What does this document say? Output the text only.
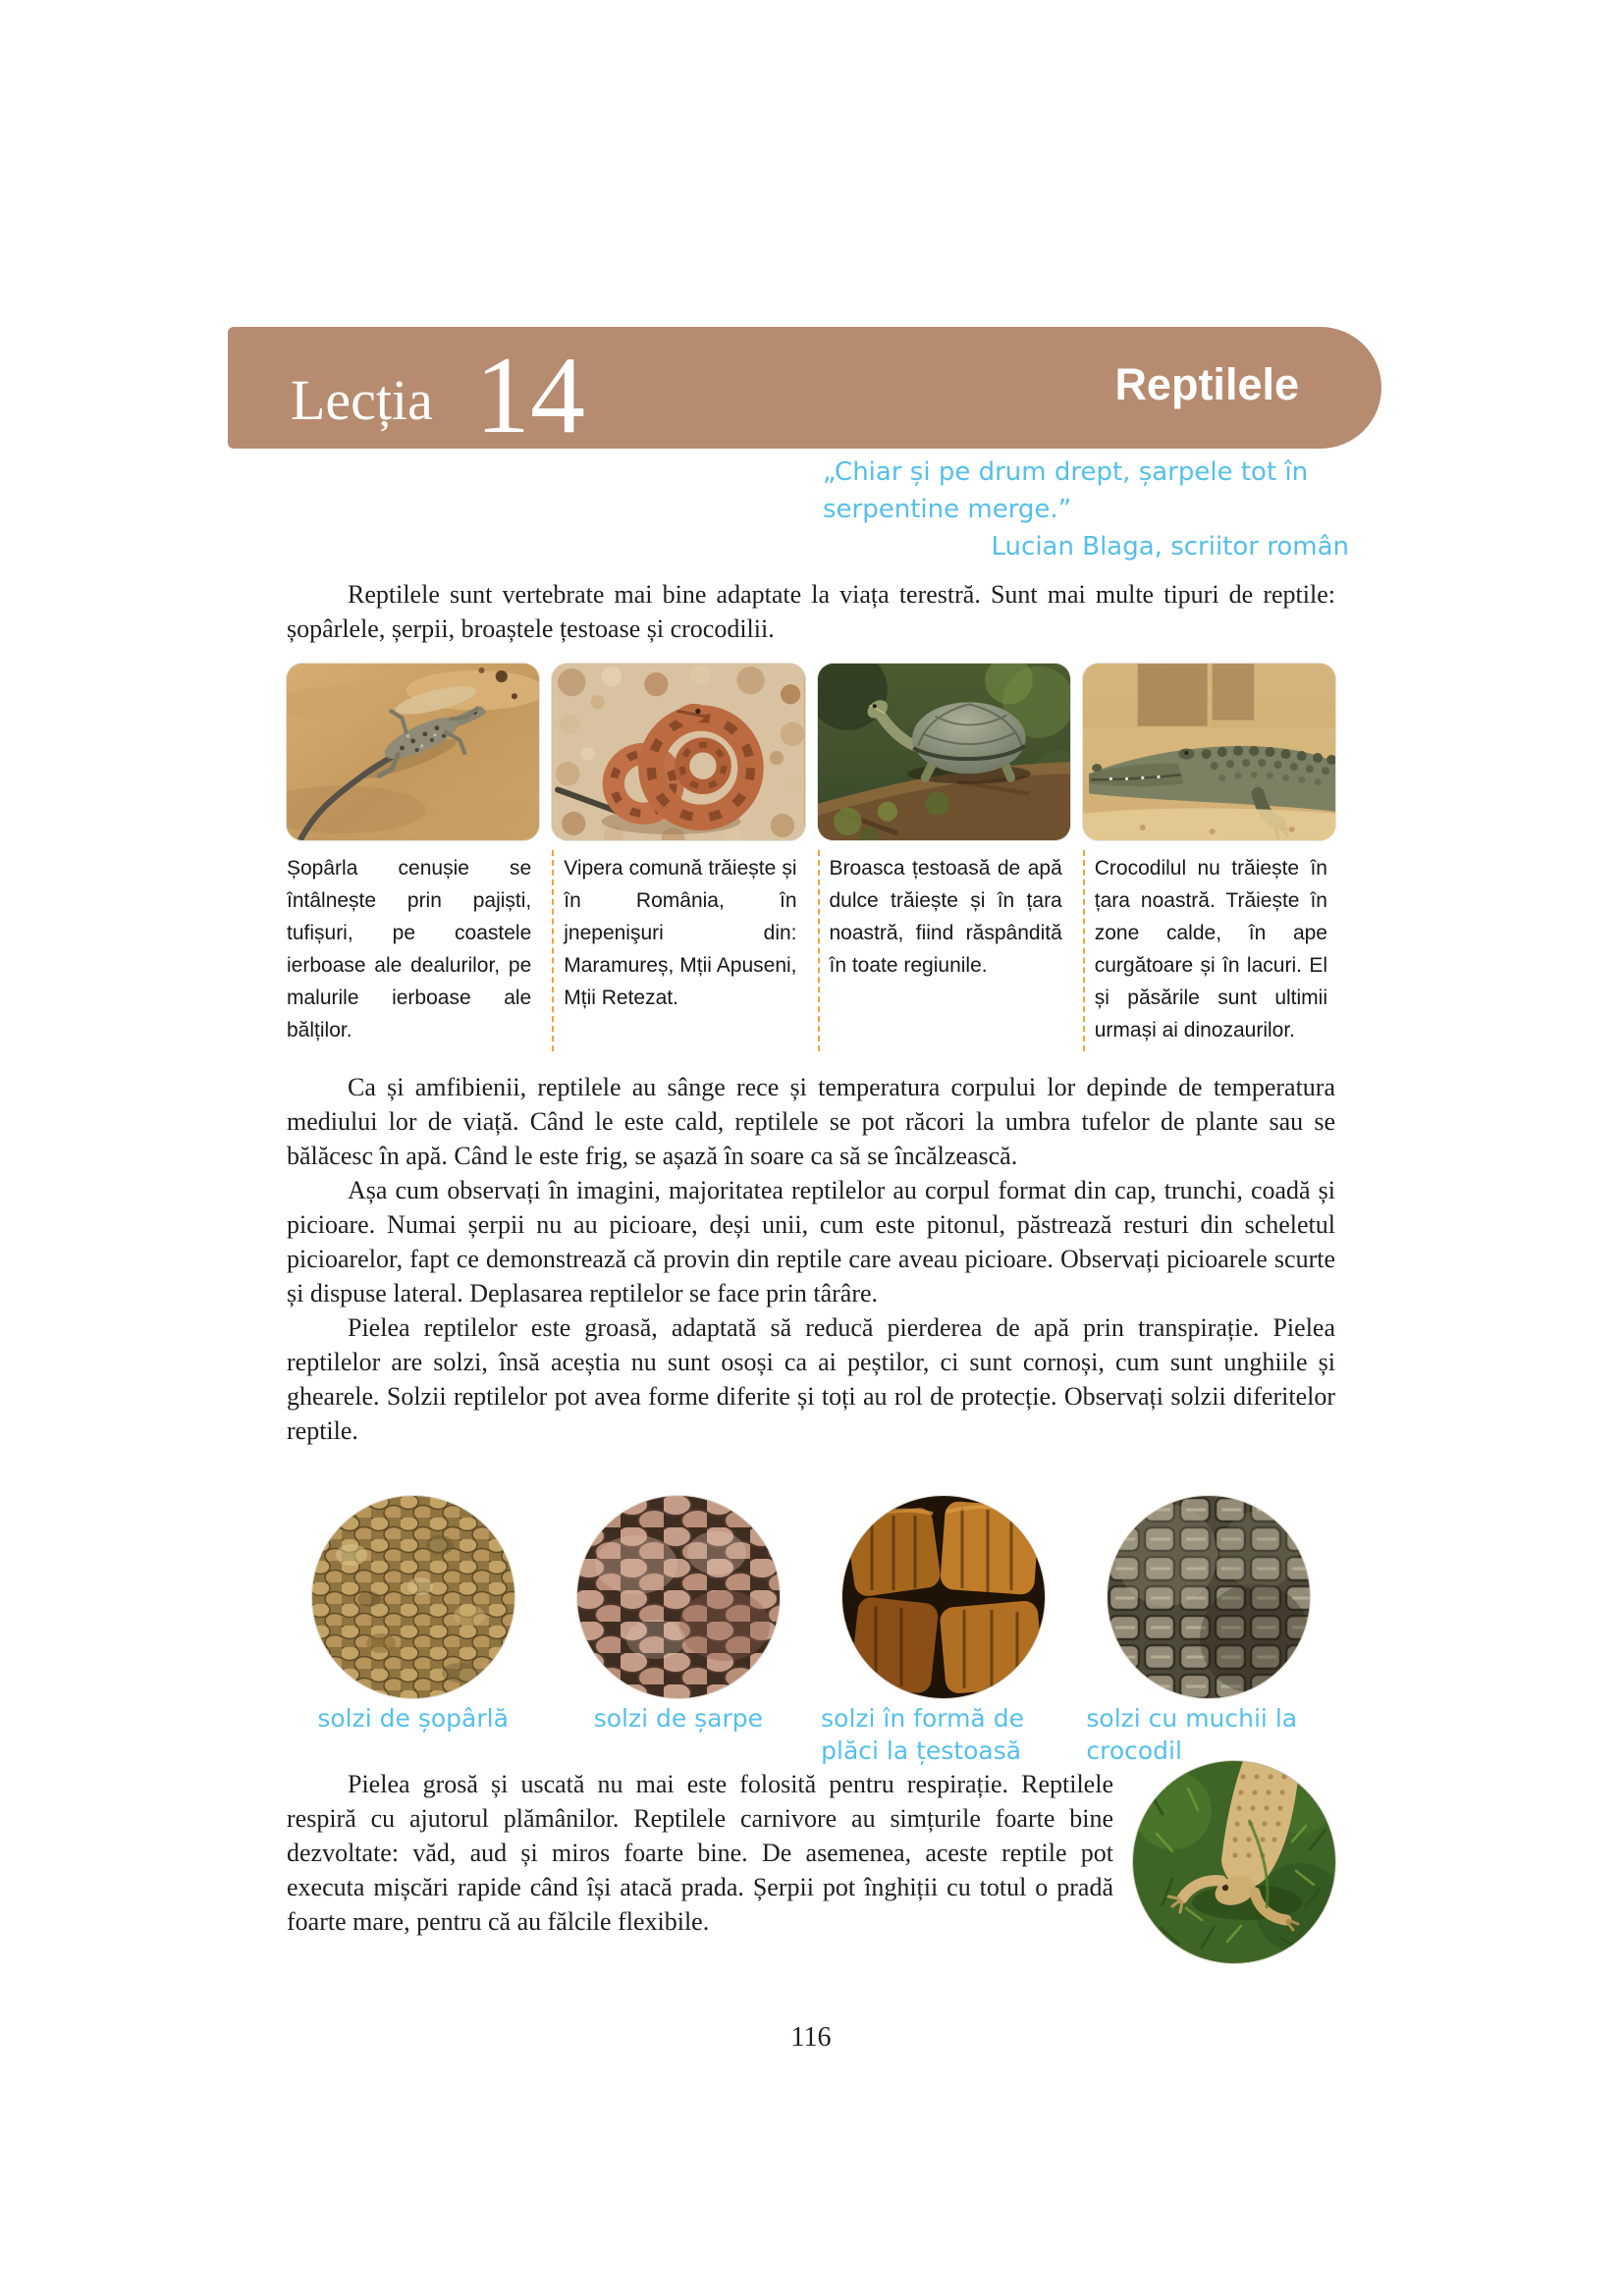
Lecția 14	Reptilele
„Chiar și pe drum drept, șarpele tot în
serpentine merge.”
Lucian Blaga, scriitor român

Reptilele sunt vertebrate mai bine adaptate la viața terestră. Sunt mai multe tipuri de reptile: șopârlele, șerpii, broaștele țestoase și crocodilii.

Șopârla cenușie se întâlnește prin pajiști, tufișuri, pe coastele ierboase ale dealurilor, pe malurile ierboase ale bălților.
Vipera comună trăiește și în România, în jnepenişuri din: Maramureș, Mții Apuseni, Mții Retezat.
Broasca țestoasă de apă dulce trăiește și în țara noastră, fiind răspândită în toate regiunile.
Crocodilul nu trăiește în țara noastră. Trăiește în zone calde, în ape curgătoare și în lacuri. El și păsările sunt ultimii urmași ai dinozaurilor.

Ca și amfibienii, reptilele au sânge rece și temperatura corpului lor depinde de temperatura mediului lor de viață. Când le este cald, reptilele se pot răcori la umbra tufelor de plante sau se bălăcesc în apă. Când le este frig, se așază în soare ca să se încălzească.

Așa cum observați în imagini, majoritatea reptilelor au corpul format din cap, trunchi, coadă și picioare. Numai șerpii nu au picioare, deși unii, cum este pitonul, păstrează resturi din scheletul picioarelor, fapt ce demonstrează că provin din reptile care aveau picioare. Observați picioarele scurte și dispuse lateral. Deplasarea reptilelor se face prin târâre.

Pielea reptilelor este groasă, adaptată să reducă pierderea de apă prin transpirație. Pielea reptilelor are solzi, însă aceștia nu sunt osoși ca ai peștilor, ci sunt cornoși, cum sunt unghiile și ghearele. Solzii reptilelor pot avea forme diferite și toți au rol de protecție. Observați solzii diferitelor reptile.

solzi de șopârlă	solzi de șarpe	solzi în formă de plăci la țestoasă
solzi cu muchii la crocodil

Pielea grosă și uscată nu mai este folosită pentru respirație. Reptilele respiră cu ajutorul plămânilor. Reptilele carnivore au simțurile foarte bine dezvoltate: văd, aud și miros foarte bine. De asemenea, aceste reptile pot executa mișcări rapide când își atacă prada. Șerpii pot înghiții cu totul o pradă foarte mare, pentru că au fălcile flexibile.

116
